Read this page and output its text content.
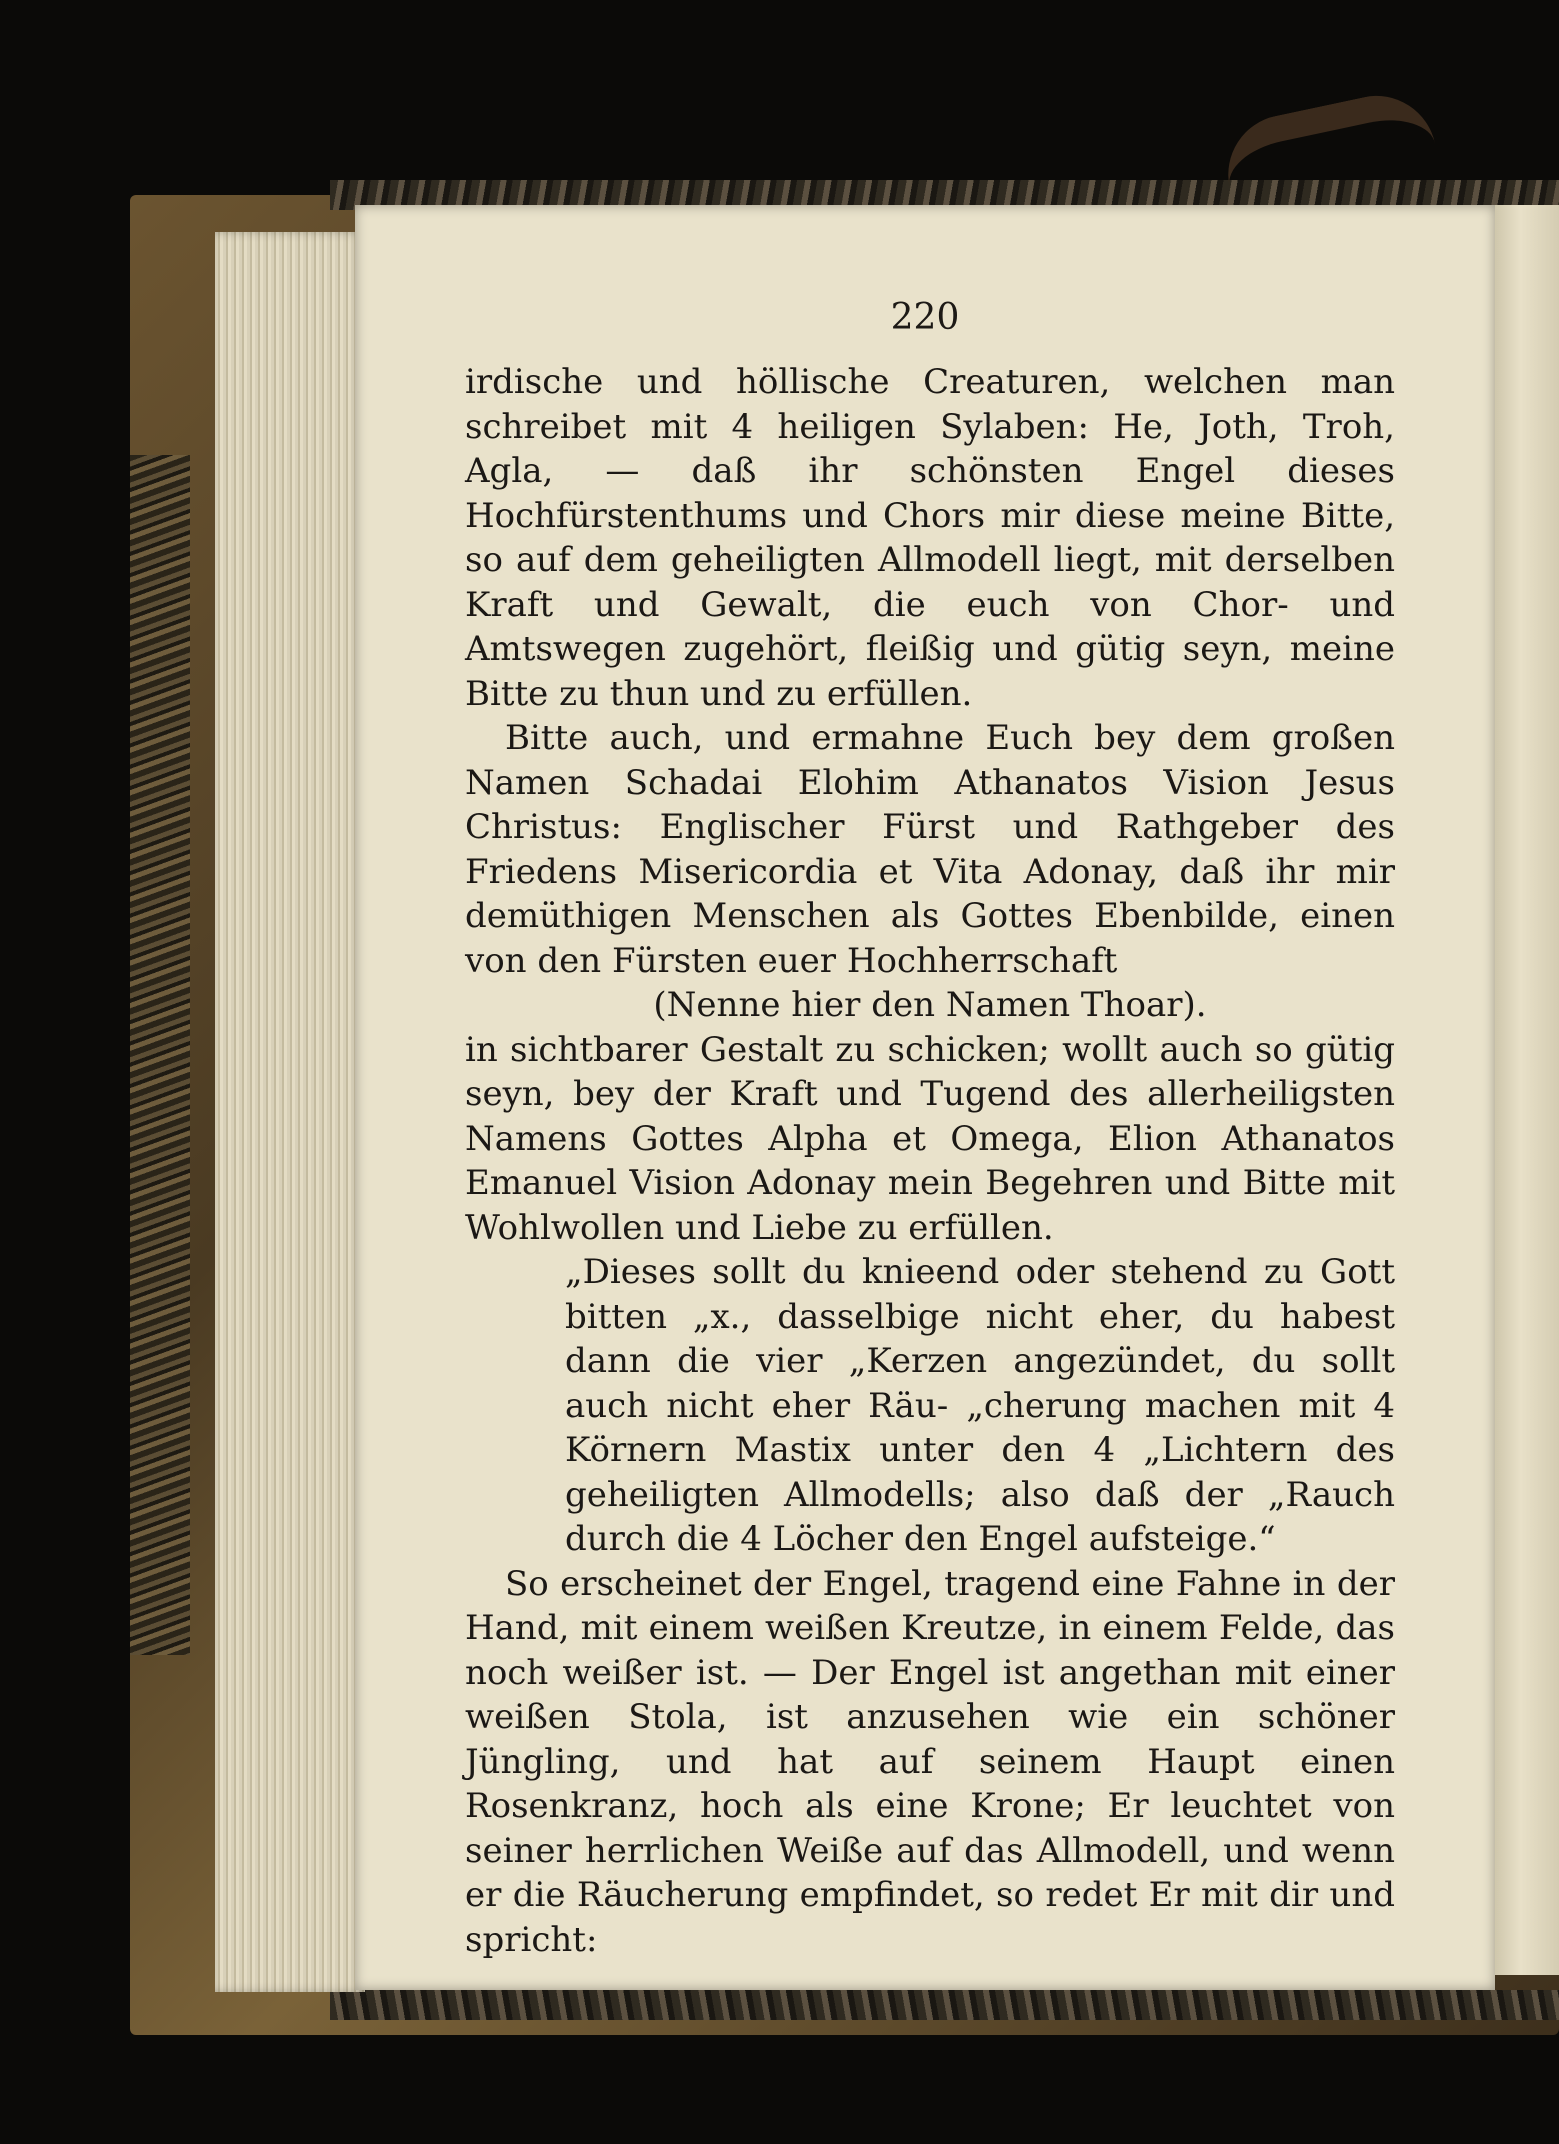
220

irdische und höllische Creaturen, welchen man schreibet mit 4 heiligen Sylaben: He, Joth, Troh, Agla, — daß ihr schönsten Engel dieses Hochfürstenthums und Chors mir diese meine Bitte, so auf dem geheiligten Allmodell liegt, mit derselben Kraft und Gewalt, die euch von Chor- und Amtswegen zugehört, fleißig und gütig seyn, meine Bitte zu thun und zu erfüllen.

Bitte auch, und ermahne Euch bey dem großen Namen Schadai Elohim Athanatos Vision Jesus Christus: Englischer Fürst und Rathgeber des Friedens Misericordia et Vita Adonay, daß ihr mir demüthigen Menschen als Gottes Ebenbilde, einen von den Fürsten euer Hochherrschaft

(Nenne hier den Namen Thoar).

in sichtbarer Gestalt zu schicken; wollt auch so gütig seyn, bey der Kraft und Tugend des allerheiligsten Namens Gottes Alpha et Omega, Elion Athanatos Emanuel Vision Adonay mein Begehren und Bitte mit Wohlwollen und Liebe zu erfüllen.

„Dieses sollt du knieend oder stehend zu Gott bitten „x., dasselbige nicht eher, du habest dann die vier „Kerzen angezündet, du sollt auch nicht eher Räu- „cherung machen mit 4 Körnern Mastix unter den 4 „Lichtern des geheiligten Allmodells; also daß der „Rauch durch die 4 Löcher den Engel aufsteige.“

So erscheinet der Engel, tragend eine Fahne in der Hand, mit einem weißen Kreutze, in einem Felde, das noch weißer ist. — Der Engel ist angethan mit einer weißen Stola, ist anzusehen wie ein schöner Jüngling, und hat auf seinem Haupt einen Rosenkranz, hoch als eine Krone; Er leuchtet von seiner herrlichen Weiße auf das Allmodell, und wenn er die Räucherung empfindet, so redet Er mit dir und spricht:
